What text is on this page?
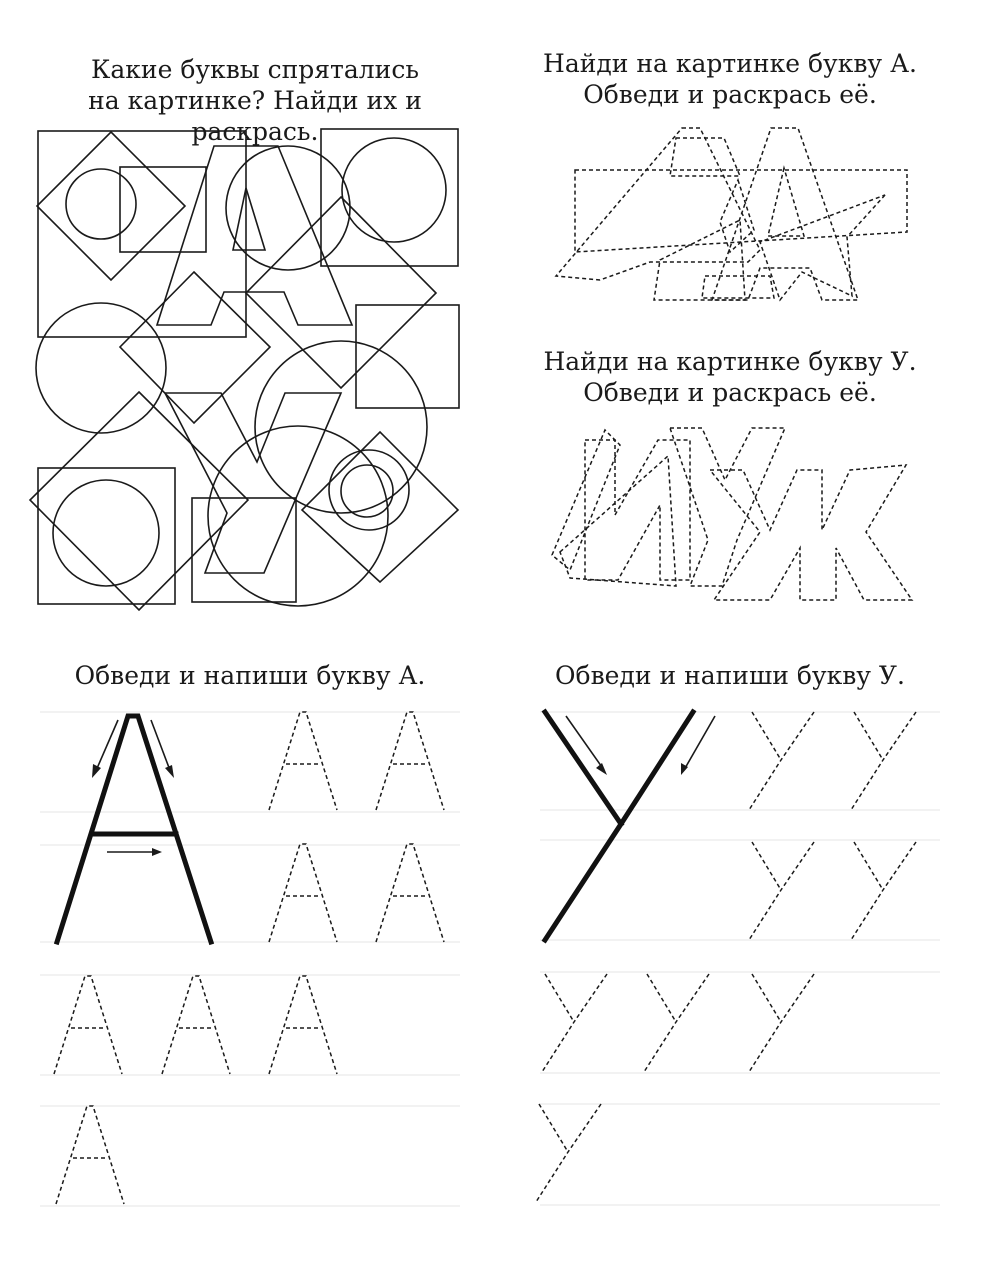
Какие буквы спрятались
на картинке? Найди их и раскрась.
Найди на картинке букву А.
Обведи и раскрась её.
Найди на картинке букву У.
Обведи и раскрась её.
Обведи и напиши букву А.	Обведи и напиши букву У.
